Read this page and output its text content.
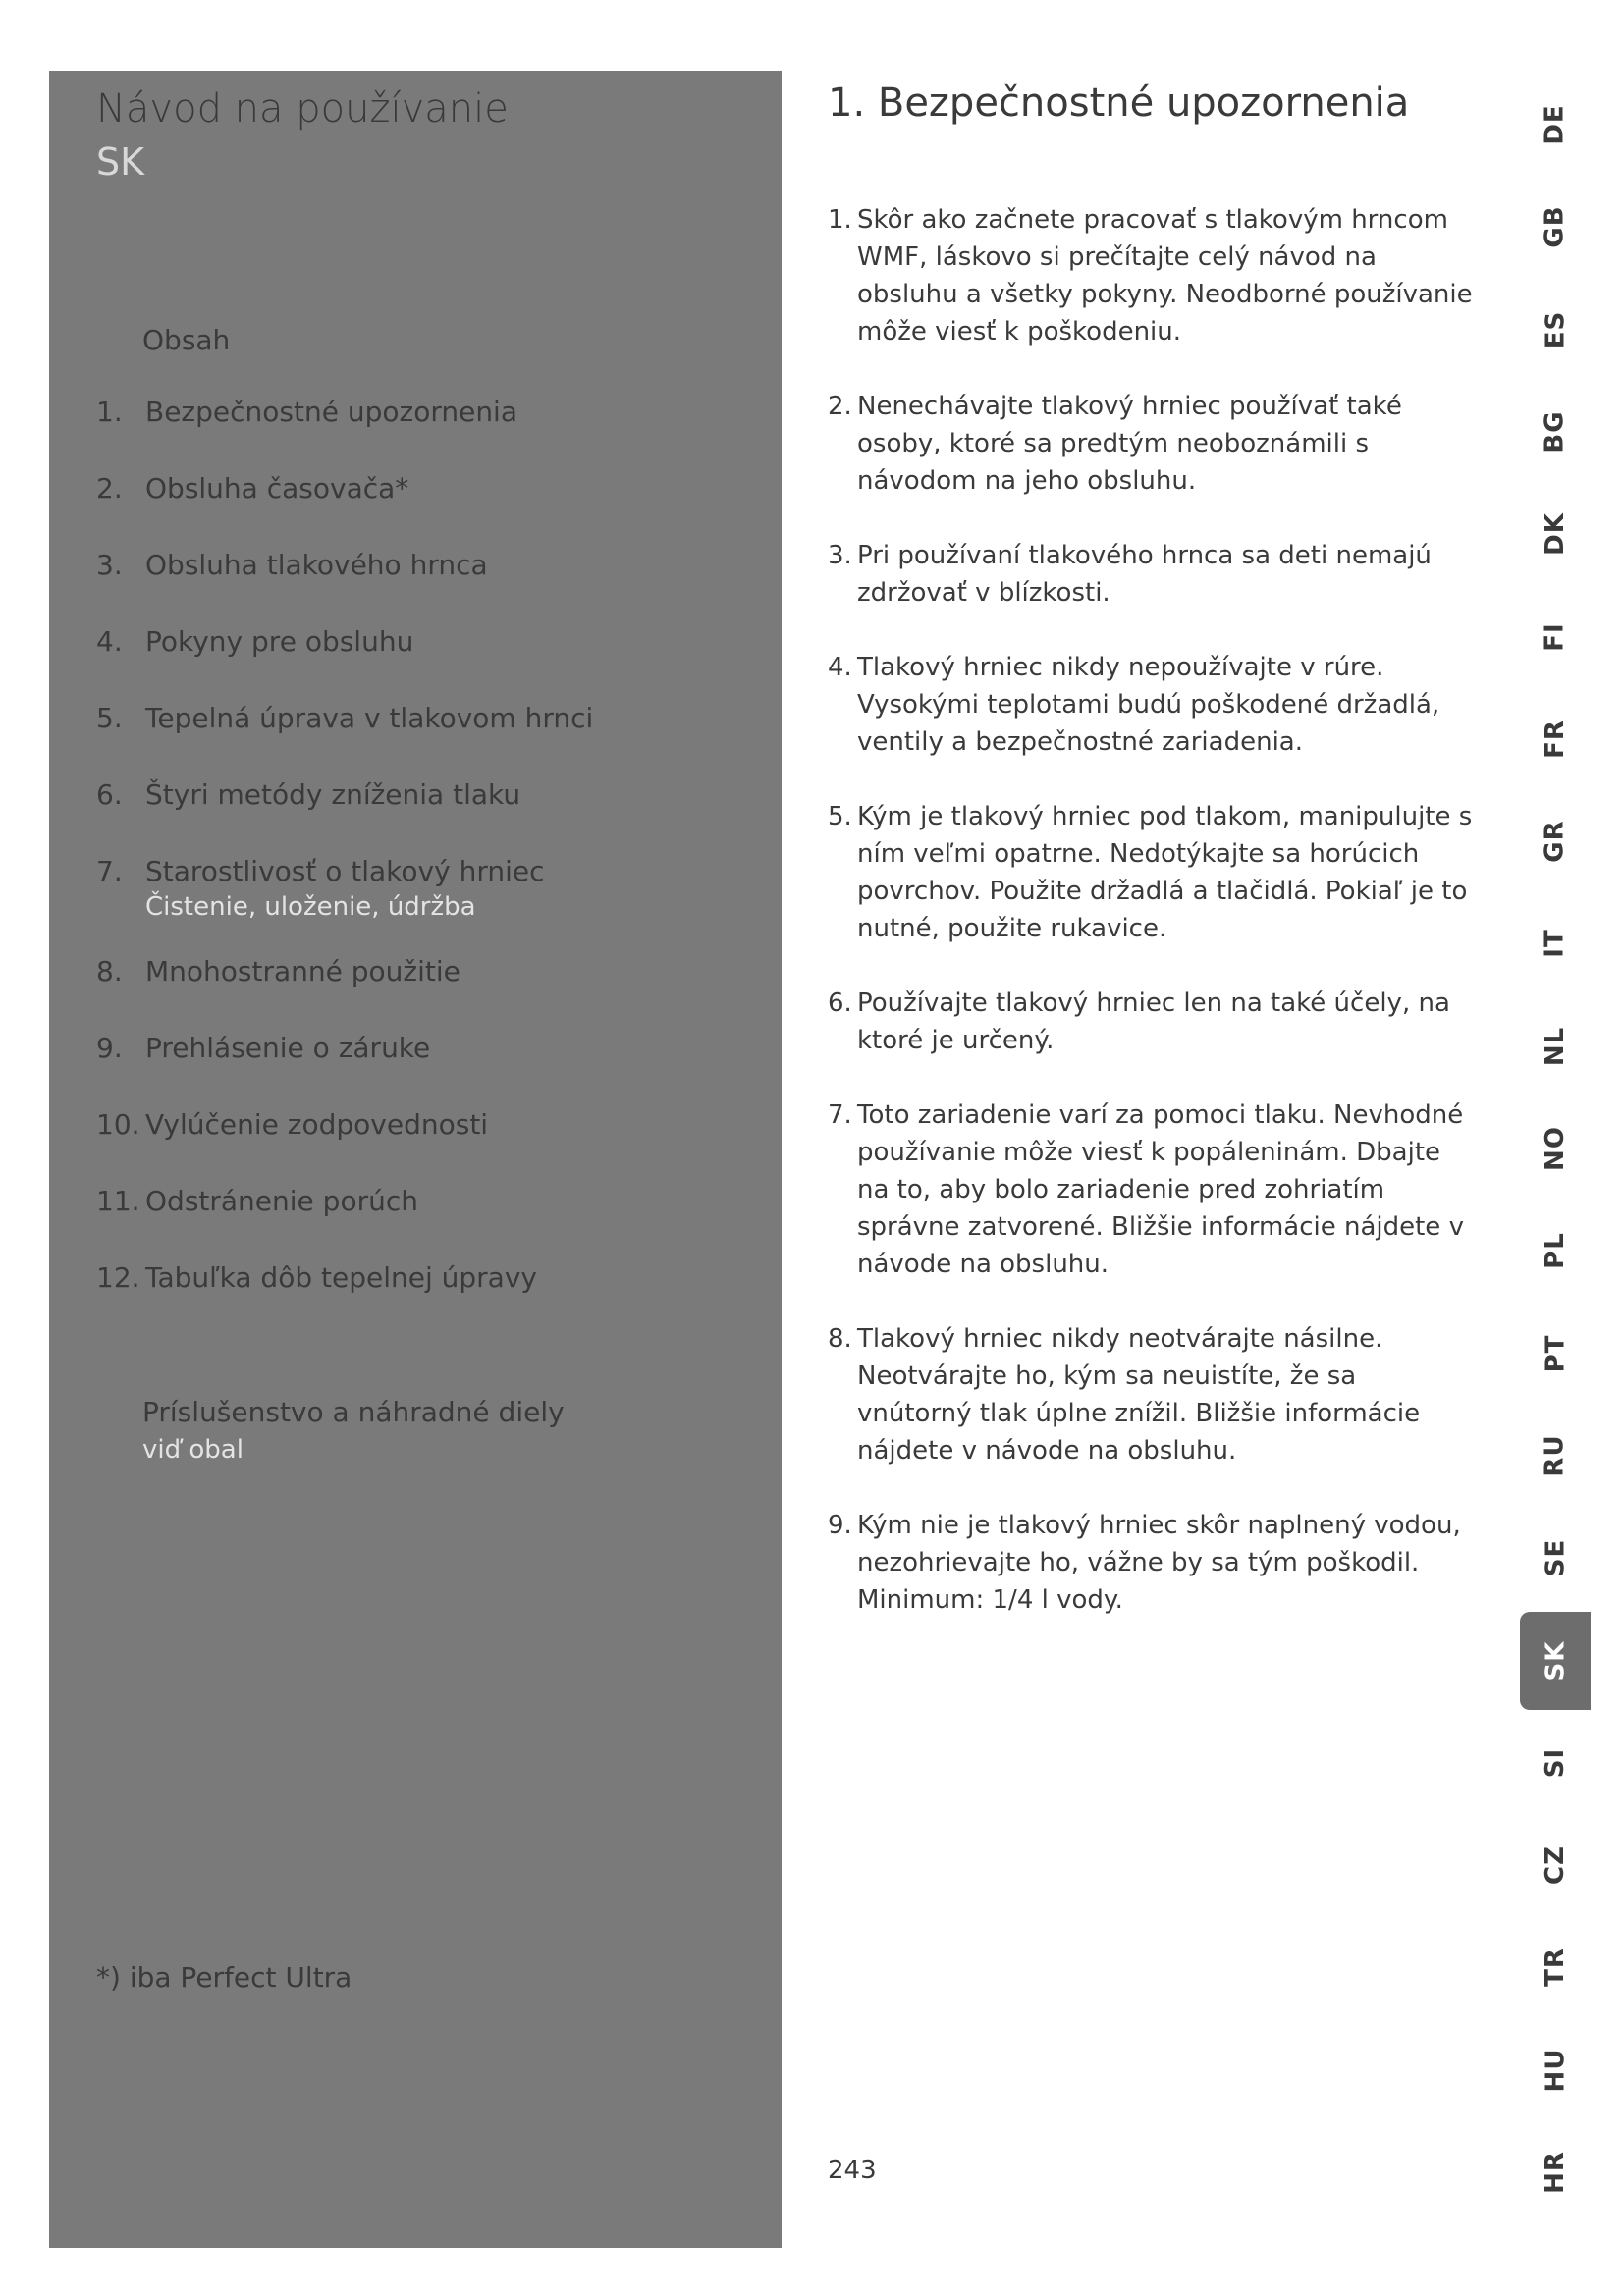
Návod na používanie
SK
Obsah
1. Bezpečnostné upozornenia
2. Obsluha časovača*
3. Obsluha tlakového hrnca
4. Pokyny pre obsluhu
5. Tepelná úprava v tlakovom hrnci
6. Štyri metódy zníženia tlaku
7. Starostlivosť o tlakový hrniec
Čistenie, uloženie, údržba
8. Mnohostranné použitie
9. Prehlásenie o záruke
10. Vylúčenie zodpovednosti
11. Odstránenie porúch
12. Tabuľka dôb tepelnej úpravy
Príslušenstvo a náhradné diely
viď obal
*) iba Perfect Ultra
1. Bezpečnostné upozornenia
1. Skôr ako začnete pracovať s tlakovým hrncom WMF, láskovo si prečítajte celý návod na obsluhu a všetky pokyny. Neodborné používanie môže viesť k poškodeniu.
2. Nenechávajte tlakový hrniec používať také osoby, ktoré sa predtým neoboznámili s návodom na jeho obsluhu.
3. Pri používaní tlakového hrnca sa deti nemajú zdržovať v blízkosti.
4. Tlakový hrniec nikdy nepoužívajte v rúre. Vysokými teplotami budú poškodené držadlá, ventily a bezpečnostné zariadenia.
5. Kým je tlakový hrniec pod tlakom, manipulujte s ním veľmi opatrne. Nedotýkajte sa horúcich povrchov. Použite držadlá a tlačidlá. Pokiaľ je to nutné, použite rukavice.
6. Používajte tlakový hrniec len na také účely, na ktoré je určený.
7. Toto zariadenie varí za pomoci tlaku. Nevhodné používanie môže viesť k popáleninám. Dbajte na to, aby bolo zariadenie pred zohriatím správne zatvorené. Bližšie informácie nájdete v návode na obsluhu.
8. Tlakový hrniec nikdy neotvárajte násilne. Neotvárajte ho, kým sa neuistíte, že sa vnútorný tlak úplne znížil. Bližšie informácie nájdete v návode na obsluhu.
9. Kým nie je tlakový hrniec skôr naplnený vodou, nezohrievajte ho, vážne by sa tým poškodil. Minimum: 1/4 l vody.
243
DE
GB
ES
BG
DK
FI
FR
GR
IT
NL
NO
PL
PT
RU
SE
SK
SI
CZ
TR
HU
HR
